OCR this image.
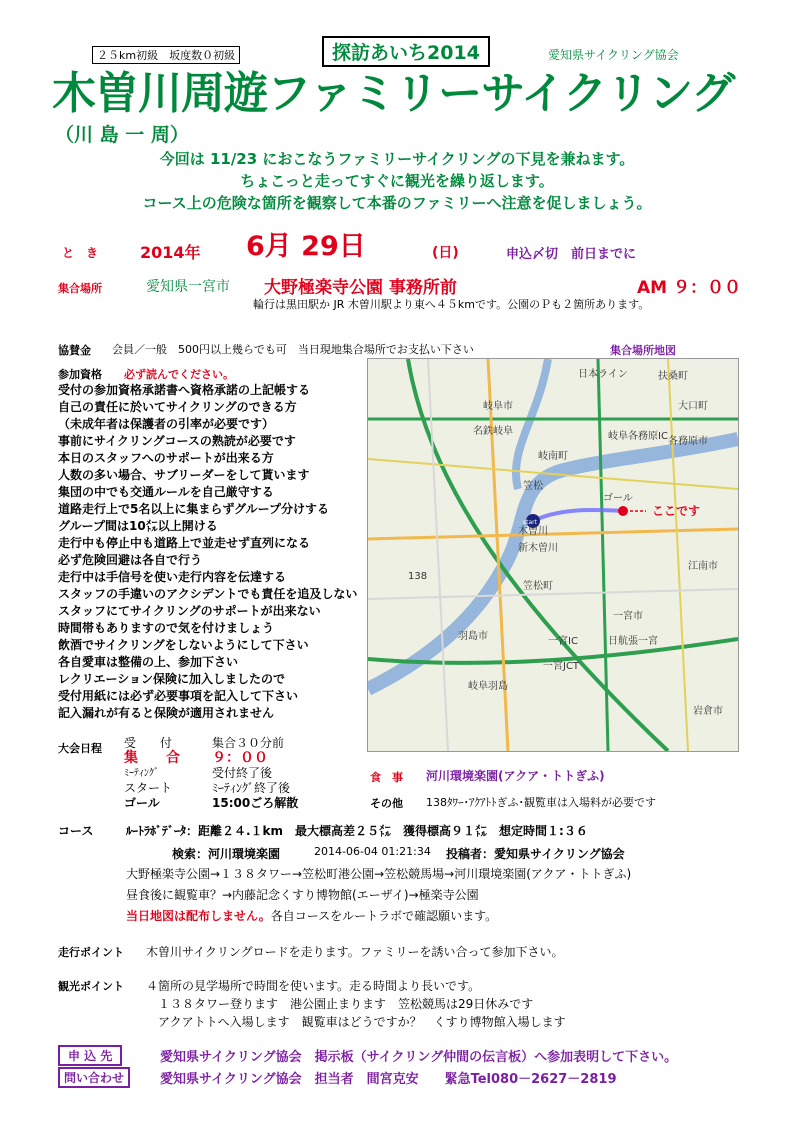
２５km初級　坂度数０初級	探訪あいち2014	愛知県サイクリング協会
木曽川周遊ファミリーサイクリング
（川 島 一 周）
今回は 11/23 におこなうファミリーサイクリングの下見を兼ねます。
ちょこっと走ってすぐに観光を繰り返します。
コース上の危険な箇所を観察して本番のファミリーへ注意を促しましょう。
と　き	2014年 6月 29日	(日)	申込〆切　前日までに
集合場所	愛知県一宮市 大野極楽寺公園 事務所前	AM ９：００
輪行は黒田駅か JR 木曽川駅より東へ４５kmです。公園のＰも２箇所あります。
協賛金 会員／一般　500円以上幾らでも可　当日現地集合場所でお支払い下さい	集合場所地図
参加資格 必ず読んでください。
受付の参加資格承諾書へ資格承諾の上記帳する
自己の責任に於いてサイクリングのできる方
（未成年者は保護者の引率が必要です）
事前にサイクリングコースの熟読が必要です
本日のスタッフへのサポートが出来る方
人数の多い場合、サブリーダーをして貰います
集団の中でも交通ルールを自己厳守する
道路走行上で5名以上に集まらずグループ分けする
グループ間は10㍍以上開ける
走行中も停止中も道路上で並走せず直列になる
必ず危険回避は各自で行う
走行中は手信号を使い走行内容を伝達する
スタッフの手違いのアクシデントでも責任を追及しない
スタッフにてサイクリングのサポートが出来ない
時間帯もありますので気を付けましょう
飲酒でサイクリングをしないようにして下さい
各自愛車は整備の上、参加下さい
レクリエーション保険に加入しましたので
受付用紙には必ず必要事項を記入して下さい
記入漏れが有ると保険が適用されません
岐阜市
各務原市
笠松町
江南市
羽島市
一宮市
岩倉市
扶桑町
大口町
岐南町
日本ライン
名鉄岐阜
岐阜羽島
一宮JCT
一宮IC
岐阜各務原IC
木曽川
新木曽川
笠松
日航張一宮
138
ゴール
start
ここです
大会日程 受　　付	集合３０分前
集　　合	９：００
ﾐｰﾃｨﾝｸﾞ	受付終了後
スタート	ﾐｰﾃｨﾝｸﾞ終了後
ゴール	15:00ごろ解散
食　事 河川環境楽園(アクア・トトぎふ)
その他 138ﾀﾜｰ･ｱｸｱﾄﾄぎふ･観覧車は入場料が必要です
コース	ﾙｰﾄﾗﾎﾞﾃﾞｰﾀ：距離２４.１km　最大標高差２５㍍　獲得標高９１㍍　想定時間１:３６
検索：河川環境楽園	2014-06-04 01:21:34 投稿者：愛知県サイクリング協会
大野極楽寺公園→１３８タワー→笠松町港公園→笠松競馬場→河川環境楽園(アクア・トトぎふ)
昼食後に観覧車？→内藤記念くすり博物館(エーザイ)→極楽寺公園
当日地図は配布しません。各自コースをルートラボで確認願います。
走行ポイント 木曽川サイクリングロードを走ります。ファミリーを誘い合って参加下さい。
観光ポイント ４箇所の見学場所で時間を使います。走る時間より長いです。
１３８タワー登ります　港公園止まります　笠松競馬は29日休みです
アクアトトへ入場します　観覧車はどうですか？　くすり博物館入場します
申 込 先	愛知県サイクリング協会　掲示板（サイクリング仲間の伝言板）へ参加表明して下さい。
問い合わせ	愛知県サイクリング協会　担当者　間宮克安　　緊急Tel080－2627－2819
